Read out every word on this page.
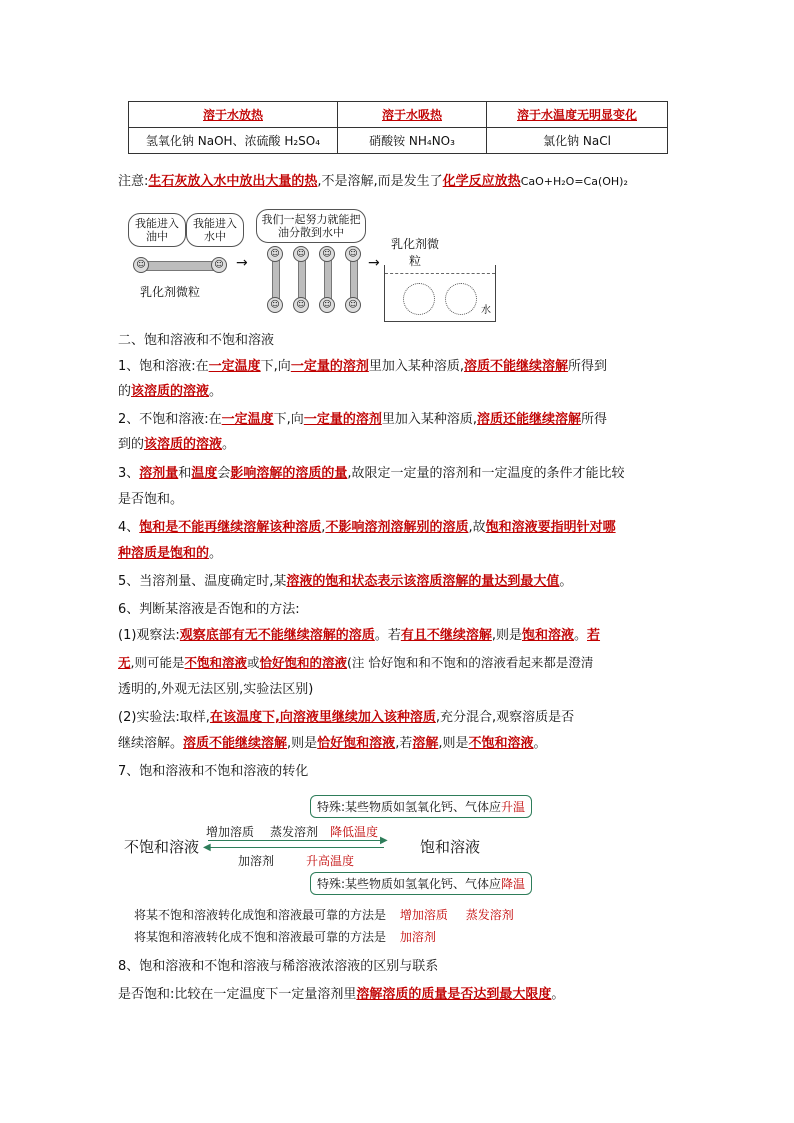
溶于水放热	溶于水吸热	溶于水温度无明显变化
氢氧化钠 NaOH、浓硫酸 H₂SO₄	硝酸铵 NH₄NO₃	氯化钠 NaCl
注意:生石灰放入水中放出大量的热,不是溶解,而是发生了化学反应放热CaO+H₂O=Ca(OH)₂
我能进入油中
我能进入水中
☺	☺
乳化剂微粒
→
我们一起努力就能把油分散到水中
☺	☺	☺	☺
☺	☺	☺	☺
→
乳化剂微粒
水
二、饱和溶液和不饱和溶液
1、饱和溶液:在一定温度下,向一定量的溶剂里加入某种溶质,溶质不能继续溶解所得到
的该溶质的溶液。
2、不饱和溶液:在一定温度下,向一定量的溶剂里加入某种溶质,溶质还能继续溶解所得
到的该溶质的溶液。
3、溶剂量和温度会影响溶解的溶质的量,故限定一定量的溶剂和一定温度的条件才能比较
是否饱和。
4、饱和是不能再继续溶解该种溶质,不影响溶剂溶解别的溶质,故饱和溶液要指明针对哪
种溶质是饱和的。
5、当溶剂量、温度确定时,某溶液的饱和状态表示该溶质溶解的量达到最大值。
6、判断某溶液是否饱和的方法:
(1)观察法:观察底部有无不能继续溶解的溶质。若有且不继续溶解,则是饱和溶液。若
无,则可能是不饱和溶液或恰好饱和的溶液(注 恰好饱和和不饱和的溶液看起来都是澄清
透明的,外观无法区别,实验法区别)
(2)实验法:取样,在该温度下,向溶液里继续加入该种溶质,充分混合,观察溶质是否
继续溶解。溶质不能继续溶解,则是恰好饱和溶液,若溶解,则是不饱和溶液。
7、饱和溶液和不饱和溶液的转化
特殊:某些物质如氢氧化钙、气体应升温
增加溶质 蒸发溶剂 降低温度
不饱和溶液	饱和溶液
▶
◀
加溶剂	升高温度
特殊:某些物质如氢氧化钙、气体应降温
将某不饱和溶液转化成饱和溶液最可靠的方法是 增加溶质 蒸发溶剂
将某饱和溶液转化成不饱和溶液最可靠的方法是 加溶剂
8、饱和溶液和不饱和溶液与稀溶液浓溶液的区别与联系
是否饱和:比较在一定温度下一定量溶剂里溶解溶质的质量是否达到最大限度。
